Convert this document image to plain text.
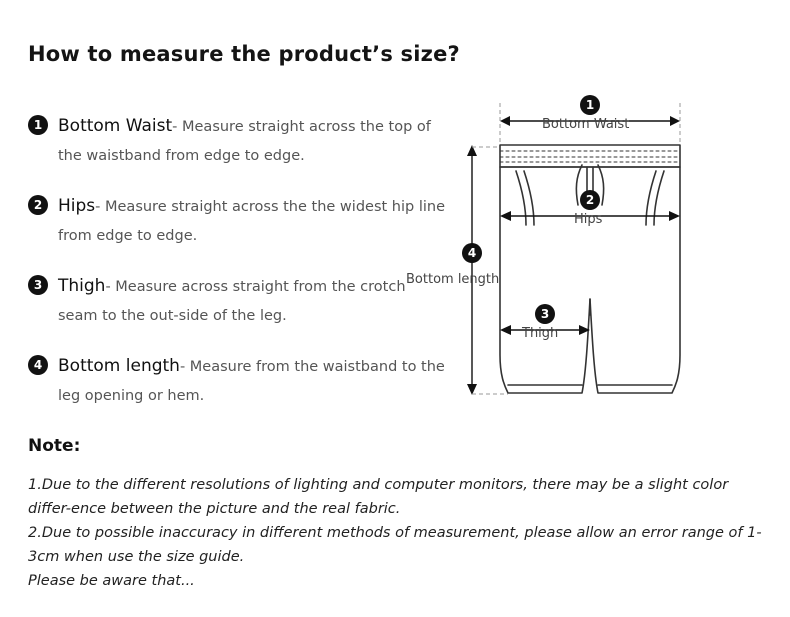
How to measure the product’s size?
1 Bottom Waist- Measure straight across the top of the waistband from edge to edge.
2 Hips- Measure straight across the the widest hip line from edge to edge.
3 Thigh- Measure across straight from the crotch seam to the out-side of the leg.
4 Bottom length- Measure from the waistband to the leg opening or hem.
1
Bottom Waist
2
Hips
3
Thigh
4
Bottom length
Note:

1.Due to the different resolutions of lighting and computer monitors, there may be a slight color differ-ence between the picture and the real fabric.

2.Due to possible inaccuracy in different methods of measurement, please allow an error range of 1-3cm when use the size guide.

Please be aware that...
